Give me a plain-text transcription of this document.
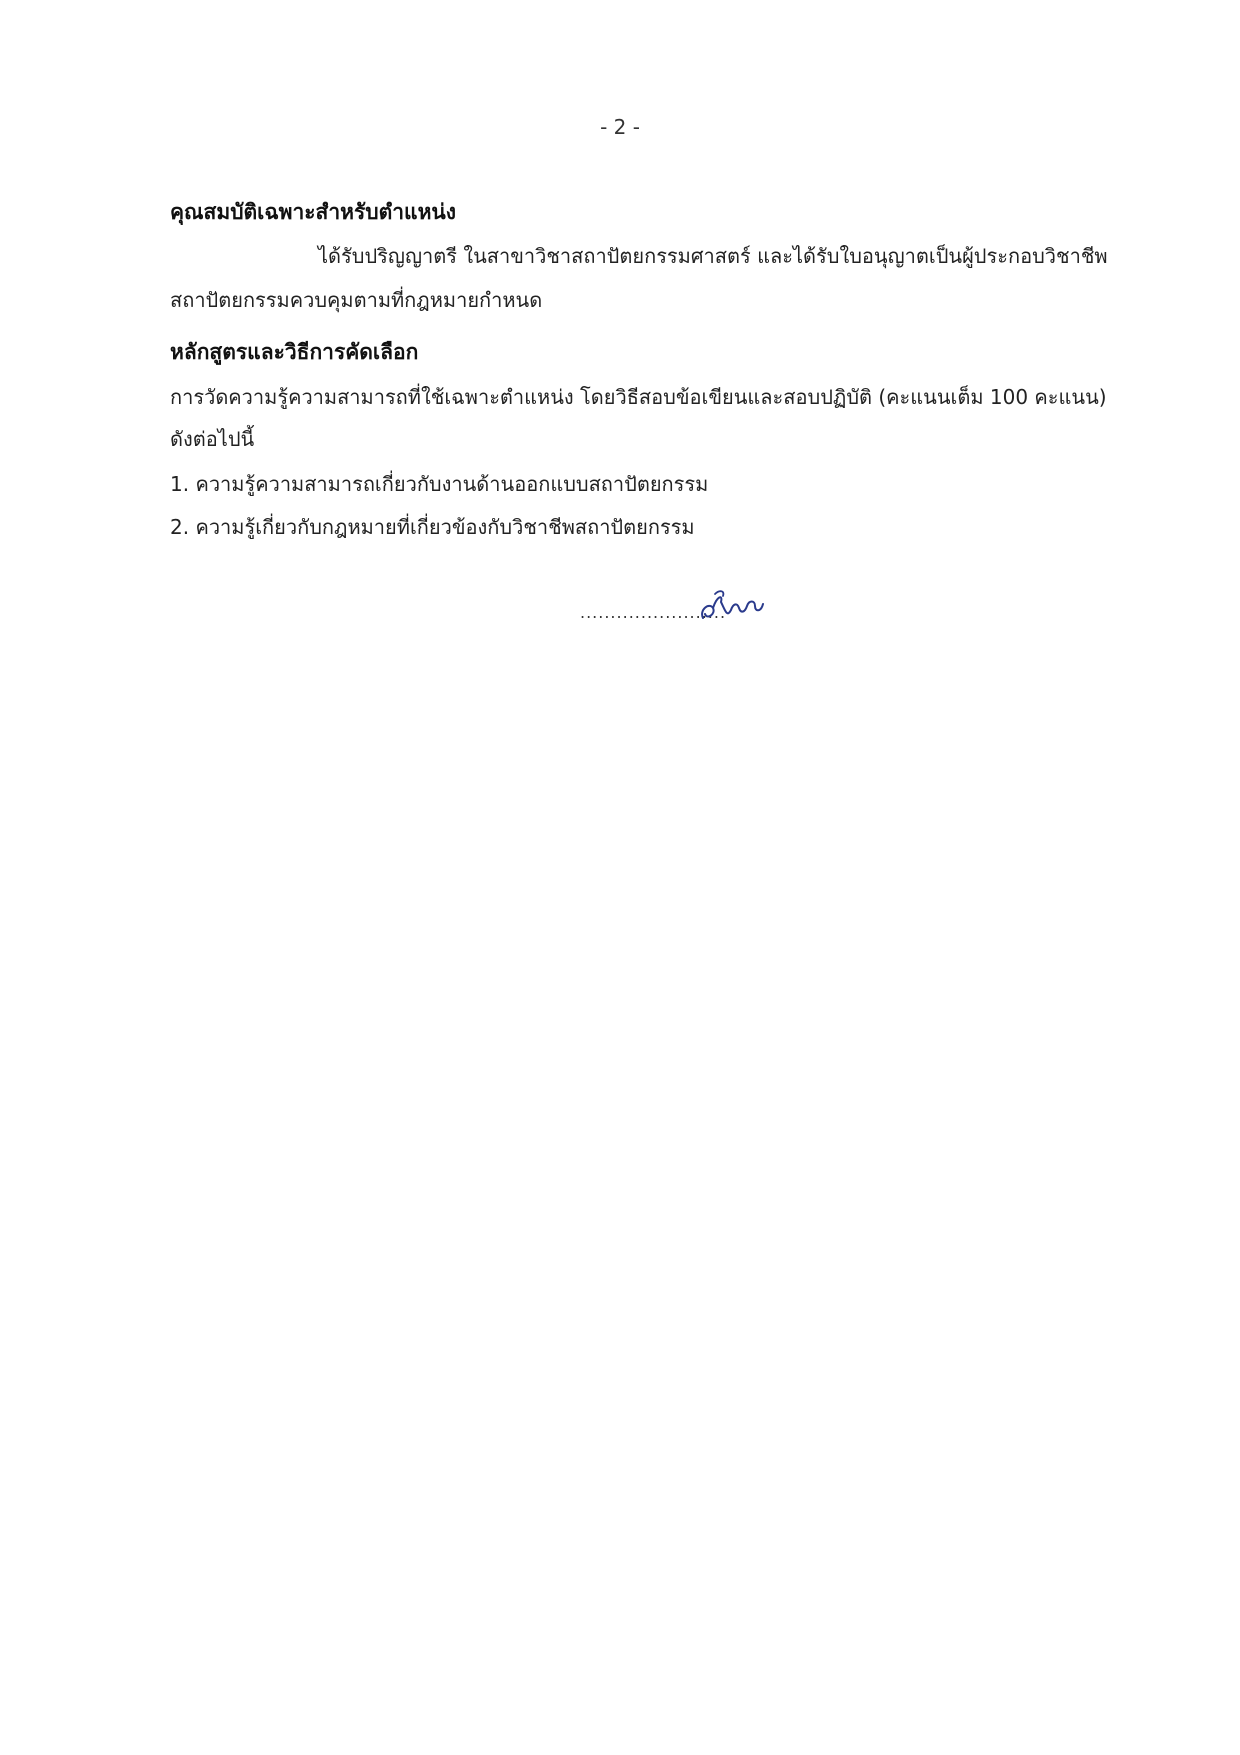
- 2 -
คุณสมบัติเฉพาะสำหรับตำแหน่ง
ได้รับปริญญาตรี ในสาขาวิชาสถาปัตยกรรมศาสตร์ และได้รับใบอนุญาตเป็นผู้ประกอบวิชาชีพ
สถาปัตยกรรมควบคุมตามที่กฎหมายกำหนด
หลักสูตรและวิธีการคัดเลือก
การวัดความรู้ความสามารถที่ใช้เฉพาะตำแหน่ง โดยวิธีสอบข้อเขียนและสอบปฏิบัติ (คะแนนเต็ม 100 คะแนน)
ดังต่อไปนี้
1. ความรู้ความสามารถเกี่ยวกับงานด้านออกแบบสถาปัตยกรรม
2. ความรู้เกี่ยวกับกฎหมายที่เกี่ยวข้องกับวิชาชีพสถาปัตยกรรม
........................
